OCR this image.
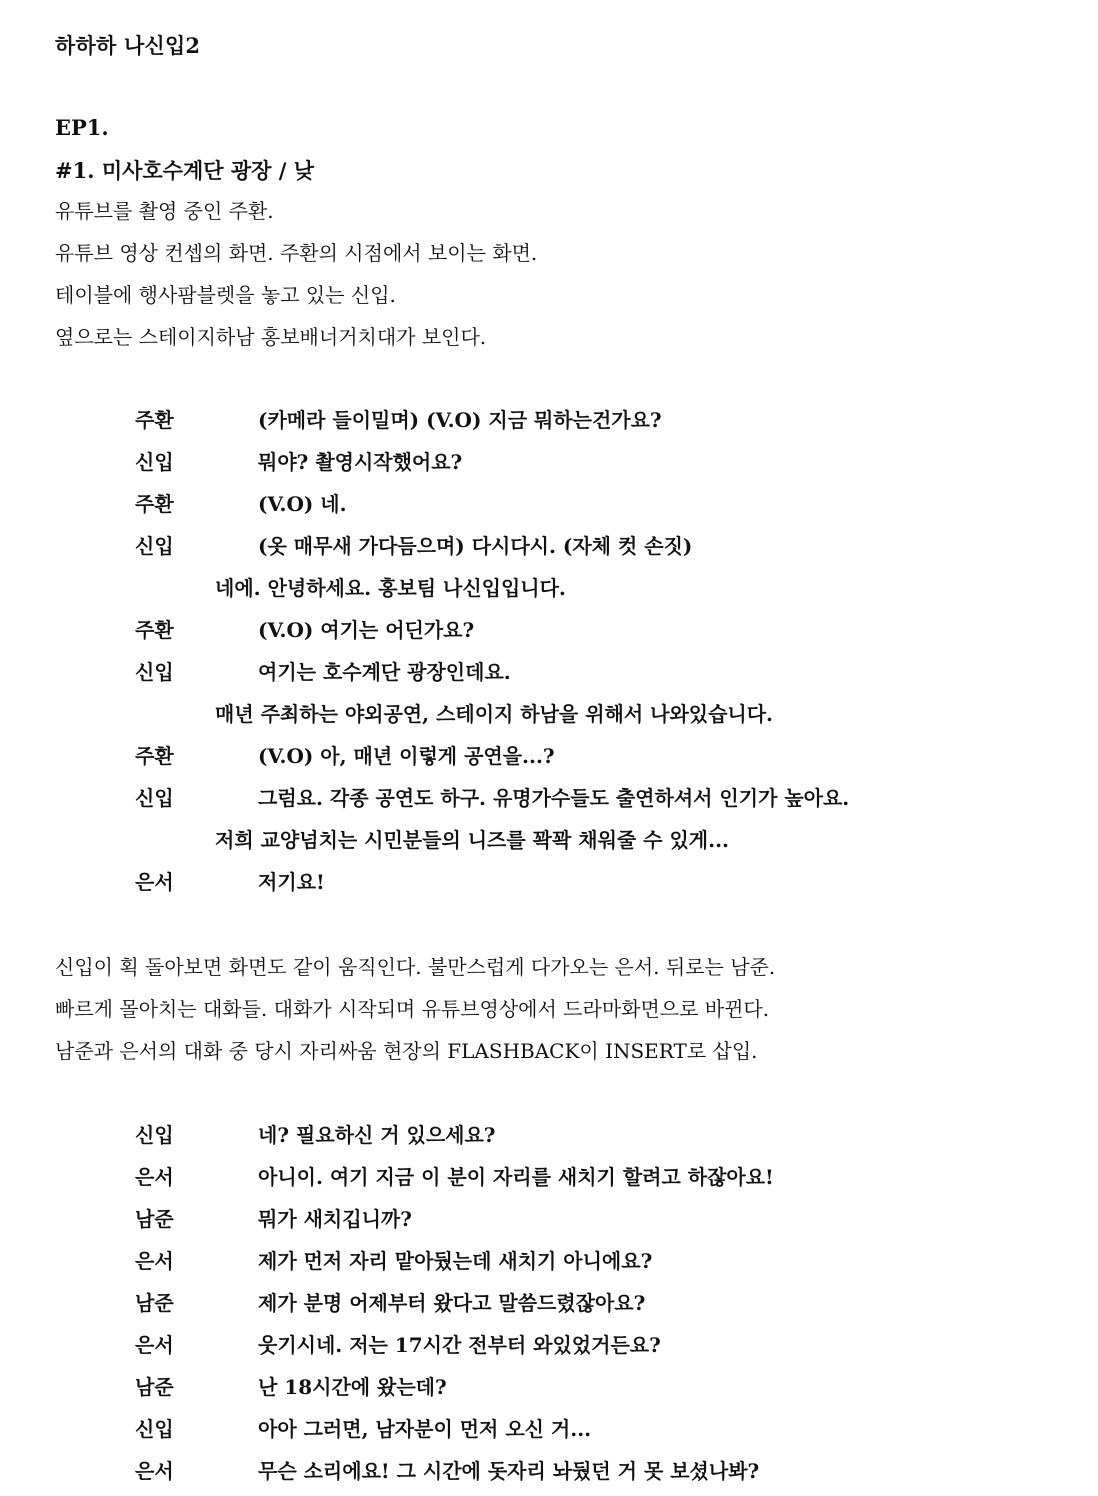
하하하 나신입2
EP1.
#1. 미사호수계단 광장 / 낮
유튜브를 촬영 중인 주환.
유튜브 영상 컨셉의 화면. 주환의 시점에서 보이는 화면.
테이블에 행사팜블렛을 놓고 있는 신입.
옆으로는 스테이지하남 홍보배너거치대가 보인다.
주환	(카메라 들이밀며) (V.O) 지금 뭐하는건가요?
신입	뭐야? 촬영시작했어요?
주환	(V.O) 네.
신입	(옷 매무새 가다듬으며) 다시다시. (자체 컷 손짓)
네에. 안녕하세요. 홍보팀 나신입입니다.
주환	(V.O) 여기는 어딘가요?
신입	여기는 호수계단 광장인데요.
매년 주최하는 야외공연, 스테이지 하남을 위해서 나와있습니다.
주환	(V.O) 아, 매년 이렇게 공연을...?
신입	그럼요. 각종 공연도 하구. 유명가수들도 출연하셔서 인기가 높아요.
저희 교양넘치는 시민분들의 니즈를 꽉꽉 채워줄 수 있게...
은서	저기요!
신입이 획 돌아보면 화면도 같이 움직인다. 불만스럽게 다가오는 은서. 뒤로는 남준.
빠르게 몰아치는 대화들. 대화가 시작되며 유튜브영상에서 드라마화면으로 바뀐다.
남준과 은서의 대화 중 당시 자리싸움 현장의 FLASHBACK이 INSERT로 삽입.
신입	네? 필요하신 거 있으세요?
은서	아니이. 여기 지금 이 분이 자리를 새치기 할려고 하잖아요!
남준	뭐가 새치깁니까?
은서	제가 먼저 자리 맡아뒀는데 새치기 아니에요?
남준	제가 분명 어제부터 왔다고 말씀드렸잖아요?
은서	웃기시네. 저는 17시간 전부터 와있었거든요?
남준	난 18시간에 왔는데?
신입	아아 그러면, 남자분이 먼저 오신 거...
은서	무슨 소리에요! 그 시간에 돗자리 놔뒀던 거 못 보셨나봐?
